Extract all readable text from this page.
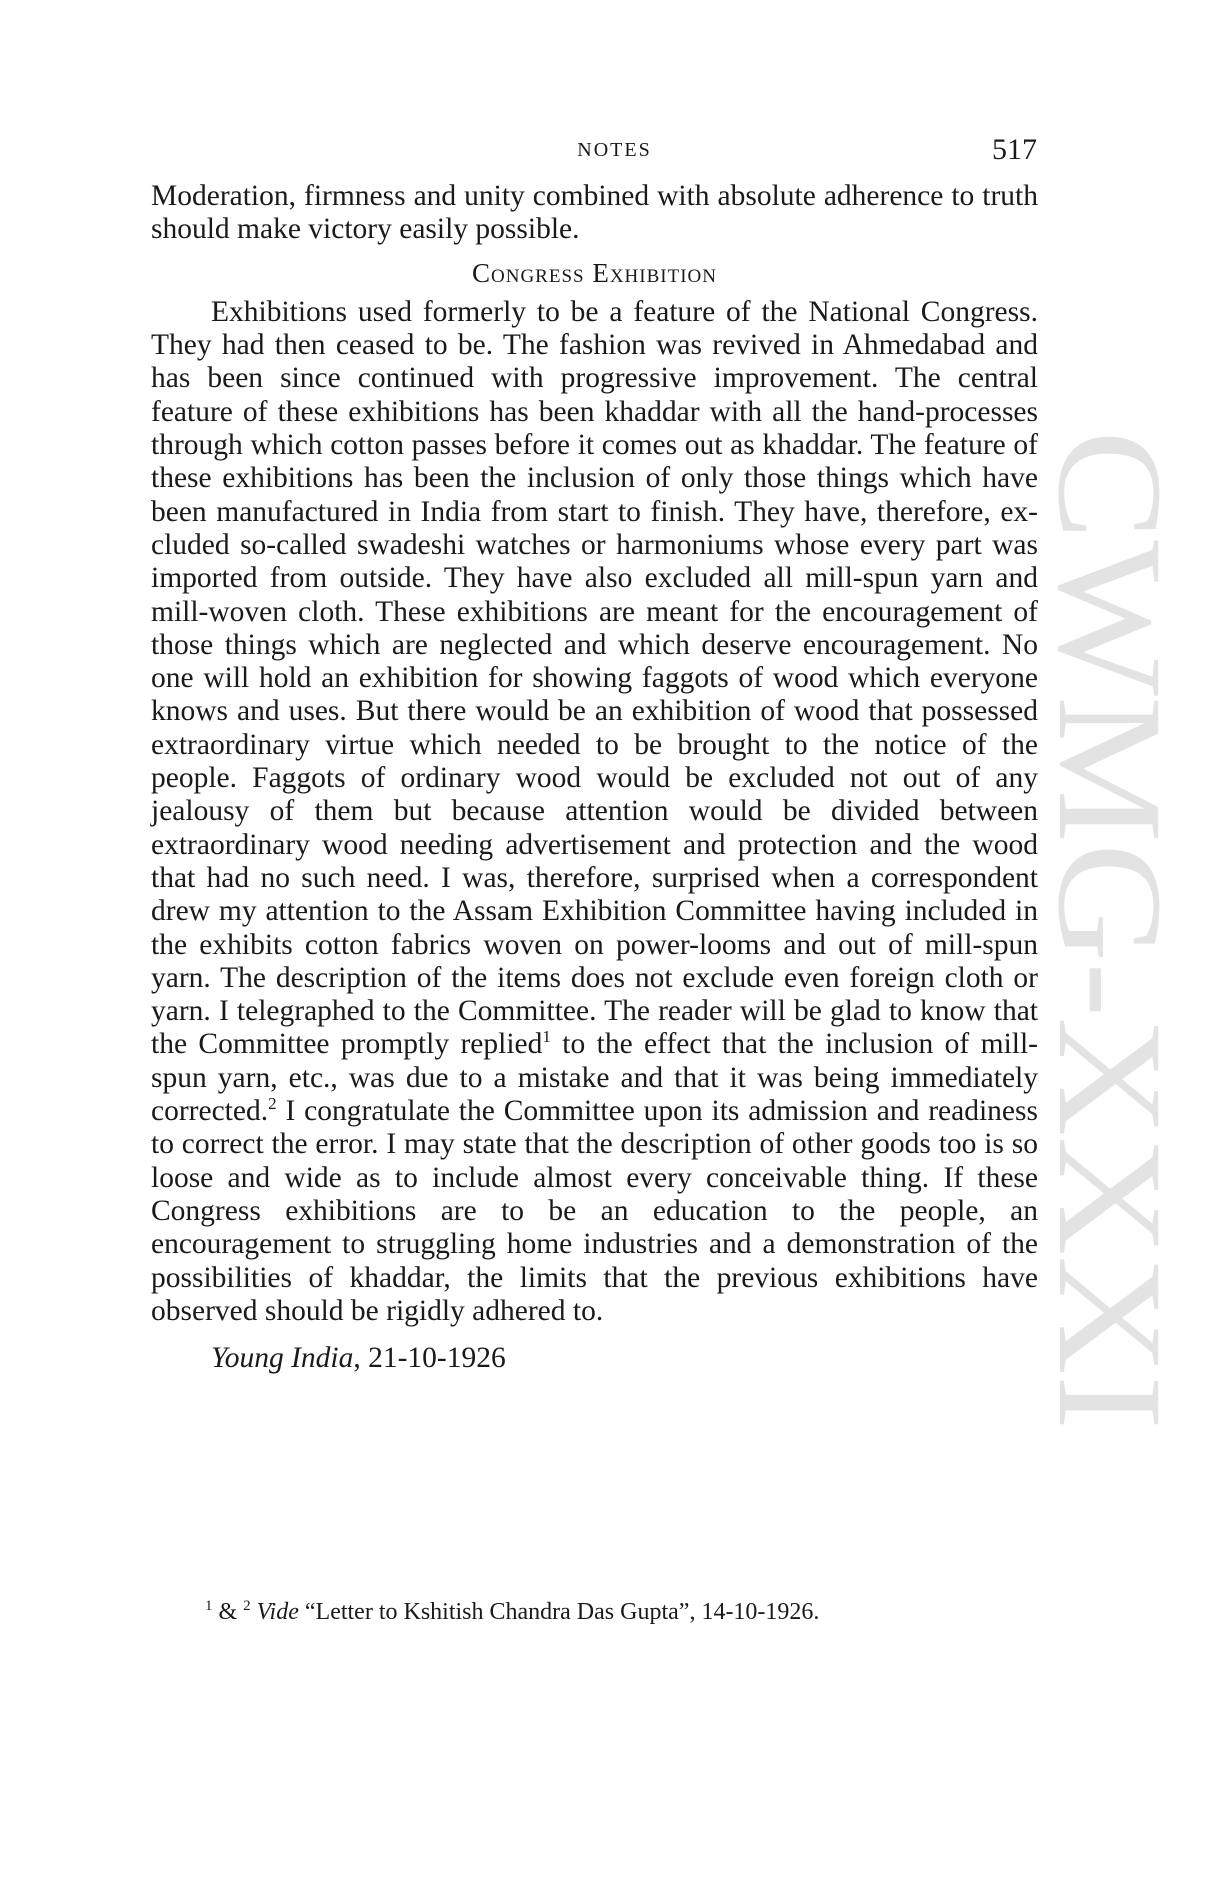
NOTES	517
CWMG-XXXI

Moderation, firmness and unity combined with absolute adherence to truth should make victory easily possible.

Congress Exhibition

Exhibitions used formerly to be a feature of the National Congress. They had then ceased to be. The fashion was revived in Ahmedabad and has been since continued with progressive improvement. The central feature of these exhibitions has been khaddar with all the hand-processes through which cotton passes before it comes out as khaddar. The feature of these exhibitions has been the inclusion of only those things which have been manufactured in India from start to finish. They have, therefore, excluded so-called swadeshi watches or harmoniums whose every part was imported from outside. They have also excluded all mill-spun yarn and mill-woven cloth. These exhibitions are meant for the encouragement of those things which are neglected and which deserve encouragement. No one will hold an exhibition for showing faggots of wood which everyone knows and uses. But there would be an exhibition of wood that possessed extraordinary virtue which needed to be brought to the notice of the people. Faggots of ordinary wood would be excluded not out of any jealousy of them but because attention would be divided between extraordinary wood needing advertisement and protection and the wood that had no such need. I was, therefore, surprised when a correspondent drew my attention to the Assam Exhibition Committee having included in the exhibits cotton fabrics woven on power-looms and out of mill-spun yarn. The description of the items does not exclude even foreign cloth or yarn. I telegraphed to the Committee. The reader will be glad to know that the Committee promptly replied$^1$ to the effect that the inclusion of mill-spun yarn, etc., was due to a mistake and that it was being immediately corrected.$^2$ I congratulate the Committee upon its admission and readiness to correct the error. I may state that the description of other goods too is so loose and wide as to include almost every conceivable thing. If these Congress exhibitions are to be an education to the people, an encouragement to struggling home industries and a demonstration of the possibilities of khaddar, the limits that the previous exhibitions have observed should be rigidly adhered to.

Young India, 21-10-1926

$^1$ & $^2$ Vide “Letter to Kshitish Chandra Das Gupta”, 14-10-1926.
